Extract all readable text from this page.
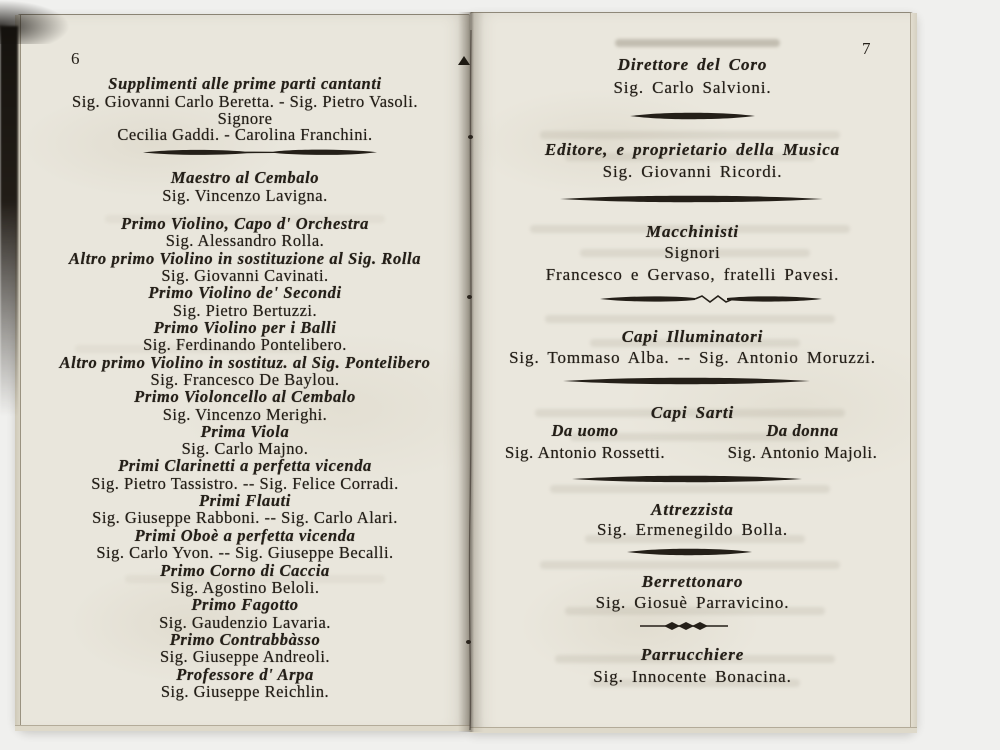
6
Supplimenti alle prime parti cantanti
Sig. Giovanni Carlo Beretta. - Sig. Pietro Vasoli.
Signore
Cecilia Gaddi. - Carolina Franchini.
Maestro al Cembalo
Sig. Vincenzo Lavigna.
Primo Violino, Capo d' Orchestra
Sig. Alessandro Rolla.
Altro primo Violino in sostituzione al Sig. Rolla
Sig. Giovanni Cavinati.
Primo Violino de' Secondi
Sig. Pietro Bertuzzi.
Primo Violino per i Balli
Sig. Ferdinando Pontelibero.
Altro primo Violino in sostituz. al Sig. Pontelibero
Sig. Francesco De Baylou.
Primo Violoncello al Cembalo
Sig. Vincenzo Merighi.
Prima Viola
Sig. Carlo Majno.
Primi Clarinetti a perfetta vicenda
Sig. Pietro Tassistro. -- Sig. Felice Corradi.
Primi Flauti
Sig. Giuseppe Rabboni. -- Sig. Carlo Alari.
Primi Oboè a perfetta vicenda
Sig. Carlo Yvon. -- Sig. Giuseppe Becalli.
Primo Corno di Caccia
Sig. Agostino Beloli.
Primo Fagotto
Sig. Gaudenzio Lavaria.
Primo Contrabbàsso
Sig. Giuseppe Andreoli.
Professore d' Arpa
Sig. Giuseppe Reichlin.
7
Direttore del Coro
Sig. Carlo Salvioni.
Editore, e proprietario della Musica
Sig. Giovanni Ricordi.
Macchinisti
Signori
Francesco e Gervaso, fratelli Pavesi.
Capi Illuminatori
Sig. Tommaso Alba. -- Sig. Antonio Moruzzi.
Capi Sarti
Da uomo	Da donna
Sig. Antonio Rossetti.	Sig. Antonio Majoli.
Attrezzista
Sig. Ermenegildo Bolla.
Berrettonaro
Sig. Giosuè Parravicino.
Parrucchiere
Sig. Innocente Bonacina.
